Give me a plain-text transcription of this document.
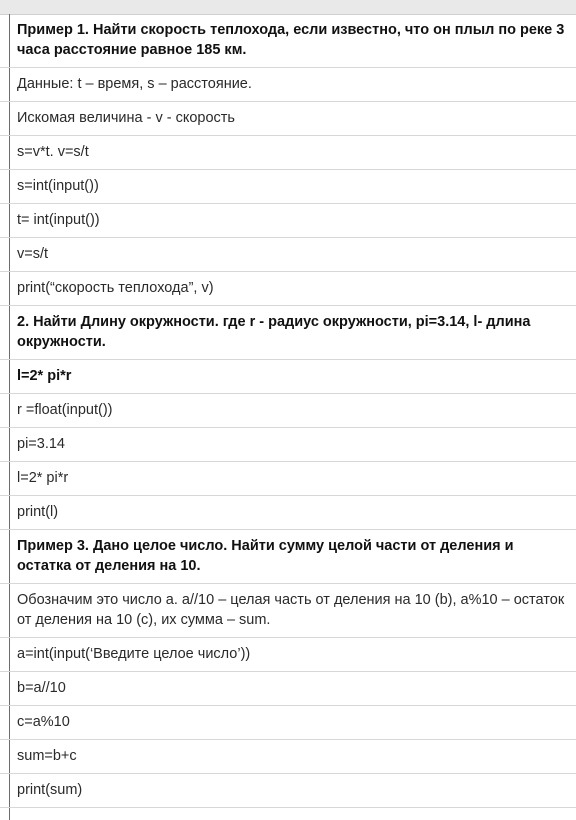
Пример 1. Найти скорость теплохода, если известно, что он плыл по реке 3 часа расстояние равное 185 км.
Данные: t – время, s – расстояние.
Искомая величина - v - скорость
s=v*t. v=s/t
s=int(input())
t= int(input())
v=s/t
print(“скорость теплохода”, v)
2. Найти Длину окружности. где r - радиус окружности, pi=3.14, l- длина окружности.
l=2* pi*r
r =float(input())
pi=3.14
l=2* pi*r
print(l)
Пример 3. Дано целое число. Найти сумму целой части от деления и остатка от деления на 10.
Обозначим это число a. a//10 – целая часть от деления на 10 (b), a%10 – остаток от деления на 10 (c), их сумма – sum.
a=int(input(‘Введите целое число’))
b=a//10
c=a%10
sum=b+c
print(sum)
